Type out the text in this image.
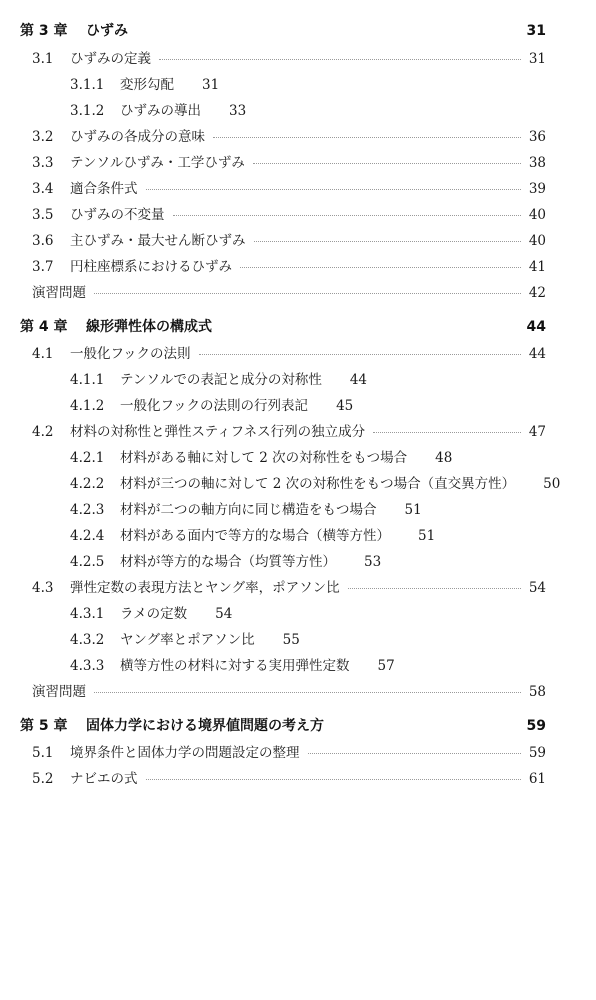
第 3 章	ひずみ	31
3.1	ひずみの定義	31
3.1.1	変形勾配 31
3.1.2	ひずみの導出 33
3.2	ひずみの各成分の意味	36
3.3	テンソルひずみ・工学ひずみ	38
3.4	適合条件式	39
3.5	ひずみの不変量	40
3.6	主ひずみ・最大せん断ひずみ	40
3.7	円柱座標系におけるひずみ	41
演習問題	42
第 4 章	線形弾性体の構成式	44
4.1	一般化フックの法則	44
4.1.1	テンソルでの表記と成分の対称性 44
4.1.2	一般化フックの法則の行列表記 45
4.2	材料の対称性と弾性スティフネス行列の独立成分	47
4.2.1	材料がある軸に対して 2 次の対称性をもつ場合 48
4.2.2	材料が三つの軸に対して 2 次の対称性をもつ場合（直交異方性） 50
4.2.3	材料が二つの軸方向に同じ構造をもつ場合 51
4.2.4	材料がある面内で等方的な場合（横等方性） 51
4.2.5	材料が等方的な場合（均質等方性） 53
4.3	弾性定数の表現方法とヤング率，ポアソン比	54
4.3.1	ラメの定数 54
4.3.2	ヤング率とポアソン比 55
4.3.3	横等方性の材料に対する実用弾性定数 57
演習問題	58
第 5 章	固体力学における境界値問題の考え方	59
5.1	境界条件と固体力学の問題設定の整理	59
5.2	ナビエの式	61
